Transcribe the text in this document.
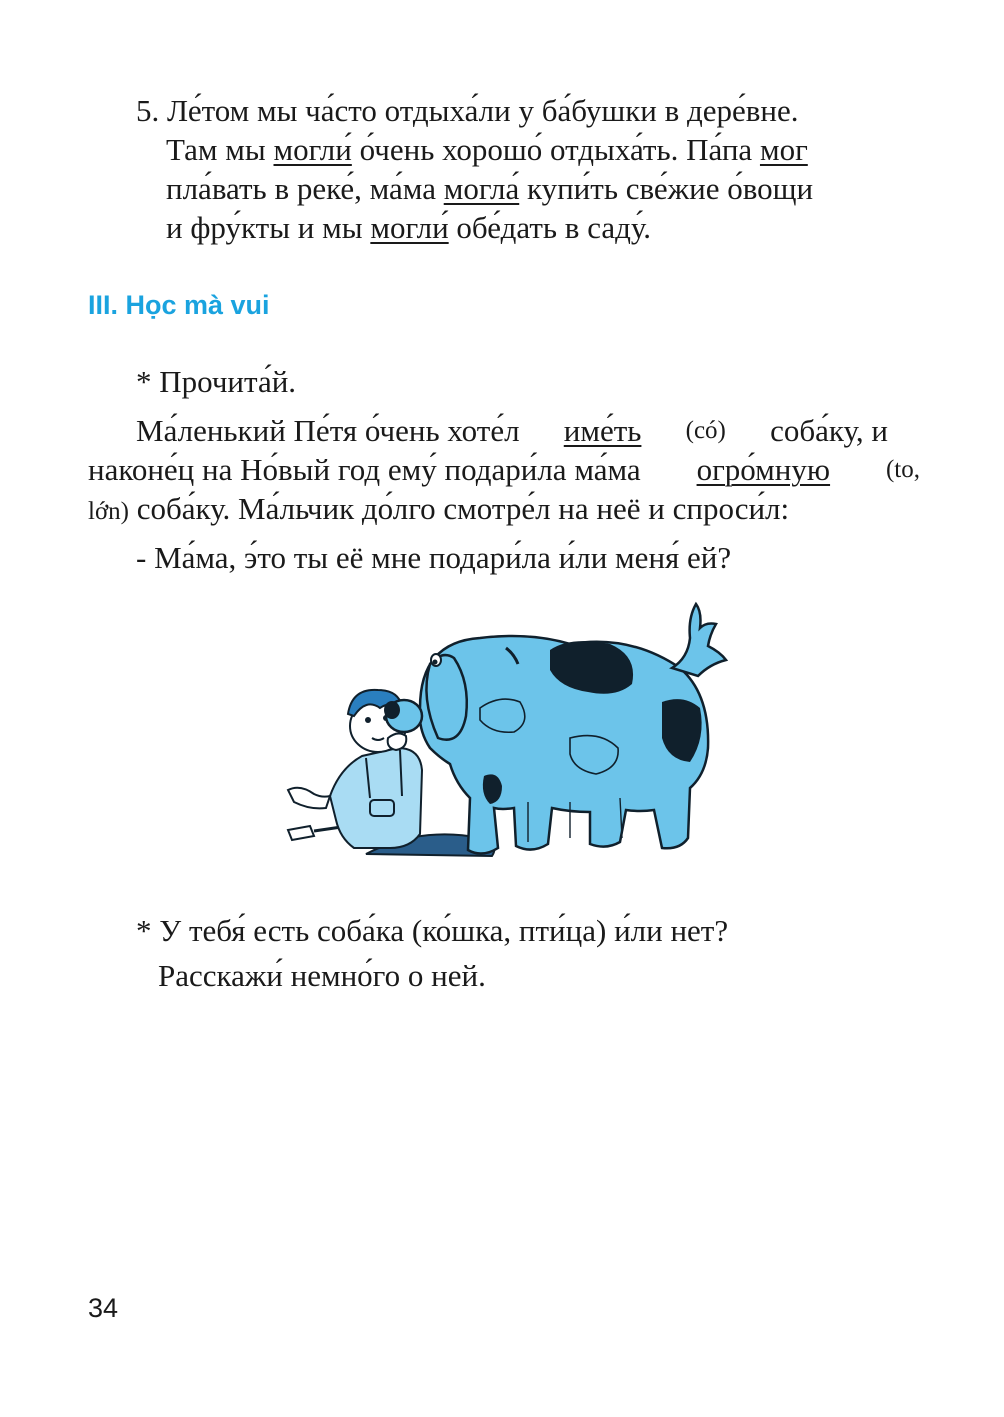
5. Ле́том мы ча́сто отдыха́ли у ба́бушки в дере́вне.
Там мы могли́ о́чень хорошо́ отдыха́ть. Па́па мог
пла́вать в реке́, ма́ма могла́ купи́ть све́жие о́вощи
и фру́кты и мы могли́ обе́дать в саду́.
III. Học mà vui
* Прочита́й.
Ма́ленький Пе́тя о́чень хоте́л име́ть (có) соба́ку, и
наконе́ц на Но́вый год ему́ подари́ла ма́ма огро́мную (to,
lớn) соба́ку. Ма́льчик до́лго смотре́л на неё и спроси́л:
- Ма́ма, э́то ты её мне подари́ла и́ли меня́ ей?
* У тебя́ есть соба́ка (ко́шка, пти́ца) и́ли нет?
Расскажи́ немно́го о ней.
34
